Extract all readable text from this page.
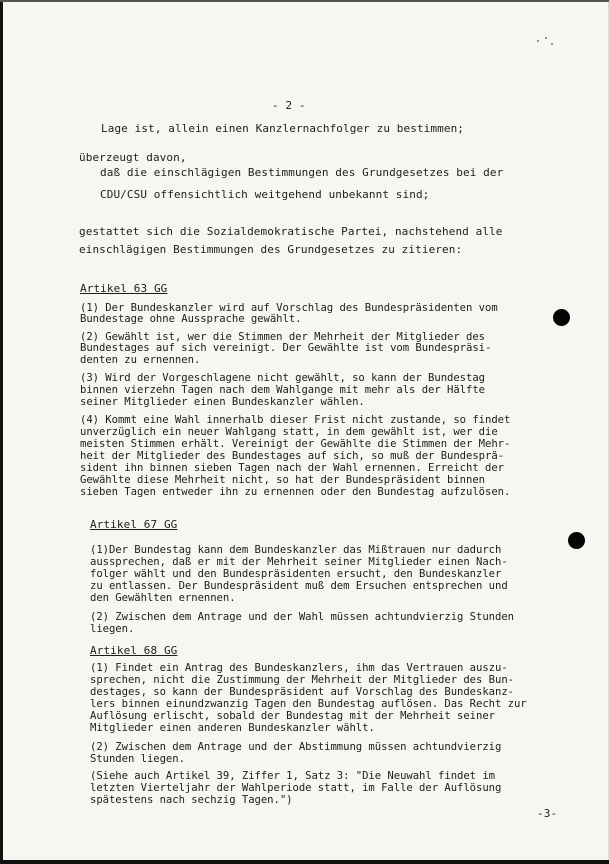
- 2 -
Lage ist, allein einen Kanzlernachfolger zu bestimmen;
überzeugt davon,
daß die einschlägigen Bestimmungen des Grundgesetzes bei der
CDU/CSU offensichtlich weitgehend unbekannt sind;
gestattet sich die Sozialdemokratische Partei, nachstehend alle
einschlägigen Bestimmungen des Grundgesetzes zu zitieren:
Artikel 63 GG
(1) Der Bundeskanzler wird auf Vorschlag des Bundespräsidenten vom
Bundestage ohne Aussprache gewählt.
(2) Gewählt ist, wer die Stimmen der Mehrheit der Mitglieder des
Bundestages auf sich vereinigt. Der Gewählte ist vom Bundespräsi-
denten zu ernennen.
(3) Wird der Vorgeschlagene nicht gewählt, so kann der Bundestag
binnen vierzehn Tagen nach dem Wahlgange mit mehr als der Hälfte
seiner Mitglieder einen Bundeskanzler wählen.
(4) Kommt eine Wahl innerhalb dieser Frist nicht zustande, so findet
unverzüglich ein neuer Wahlgang statt, in dem gewählt ist, wer die
meisten Stimmen erhält. Vereinigt der Gewählte die Stimmen der Mehr-
heit der Mitglieder des Bundestages auf sich, so muß der Bundesprä-
sident ihn binnen sieben Tagen nach der Wahl ernennen. Erreicht der
Gewählte diese Mehrheit nicht, so hat der Bundespräsident binnen
sieben Tagen entweder ihn zu ernennen oder den Bundestag aufzulösen.
Artikel 67 GG
(1)Der Bundestag kann dem Bundeskanzler das Mißtrauen nur dadurch
aussprechen, daß er mit der Mehrheit seiner Mitglieder einen Nach-
folger wählt und den Bundespräsidenten ersucht, den Bundeskanzler
zu entlassen. Der Bundespräsident muß dem Ersuchen entsprechen und
den Gewählten ernennen.
(2) Zwischen dem Antrage und der Wahl müssen achtundvierzig Stunden
liegen.
Artikel 68 GG
(1) Findet ein Antrag des Bundeskanzlers, ihm das Vertrauen auszu-
sprechen, nicht die Zustimmung der Mehrheit der Mitglieder des Bun-
destages, so kann der Bundespräsident auf Vorschlag des Bundeskanz-
lers binnen einundzwanzig Tagen den Bundestag auflösen. Das Recht zur
Auflösung erlischt, sobald der Bundestag mit der Mehrheit seiner
Mitglieder einen anderen Bundeskanzler wählt.
(2) Zwischen dem Antrage und der Abstimmung müssen achtundvierzig
Stunden liegen.
(Siehe auch Artikel 39, Ziffer 1, Satz 3: "Die Neuwahl findet im
letzten Vierteljahr der Wahlperiode statt, im Falle der Auflösung
spätestens nach sechzig Tagen.")
-3-
